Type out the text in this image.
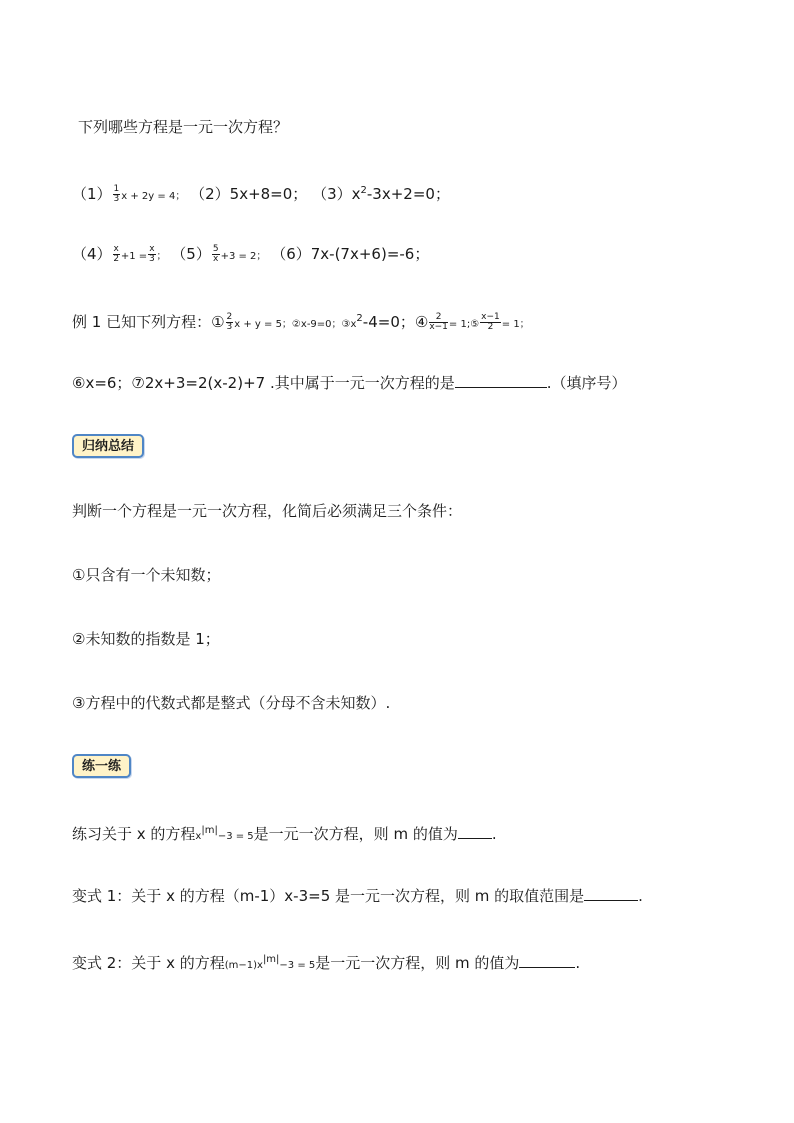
下列哪些方程是一元一次方程？
$(1) \frac{1}{3}$ x + 2y = 4； （2）5x+8=0； $(3)x^2-3x+2=0$；
$(4) \frac{x}{2} +1 = \frac{x}{3}$ ； $(5) \frac{5}{x} +3 = 2$； （6）7x-(7x+6)=-6；
例 1 已知下列方程：① $\frac{2}{3}$ x + y = 5；②x-9=0；$③x^2-4=0$；④ $\frac{2}{x-1}$ = 1;⑤ $\frac{x-1}{2} = 1$；
⑥x=6；⑦2x+3=2(x-2)+7 .其中属于一元一次方程的是	.（填序号）
归纳总结
判断一个方程是一元一次方程，化简后必须满足三个条件：
①只含有一个未知数；
②未知数的指数是 1；
③方程中的代数式都是整式（分母不含未知数）.
练一练
练习关于 x 的方程$x^{|m|}-3 = 5$是一元一次方程，则 m 的值为 .
变式 1：关于 x 的方程（m-1）x-3=5 是一元一次方程，则 m 的取值范围是	.
变式 2：关于 x 的方程$(m-1)x^{|m|}-3 = 5$是一元一次方程，则 m 的值为	.
